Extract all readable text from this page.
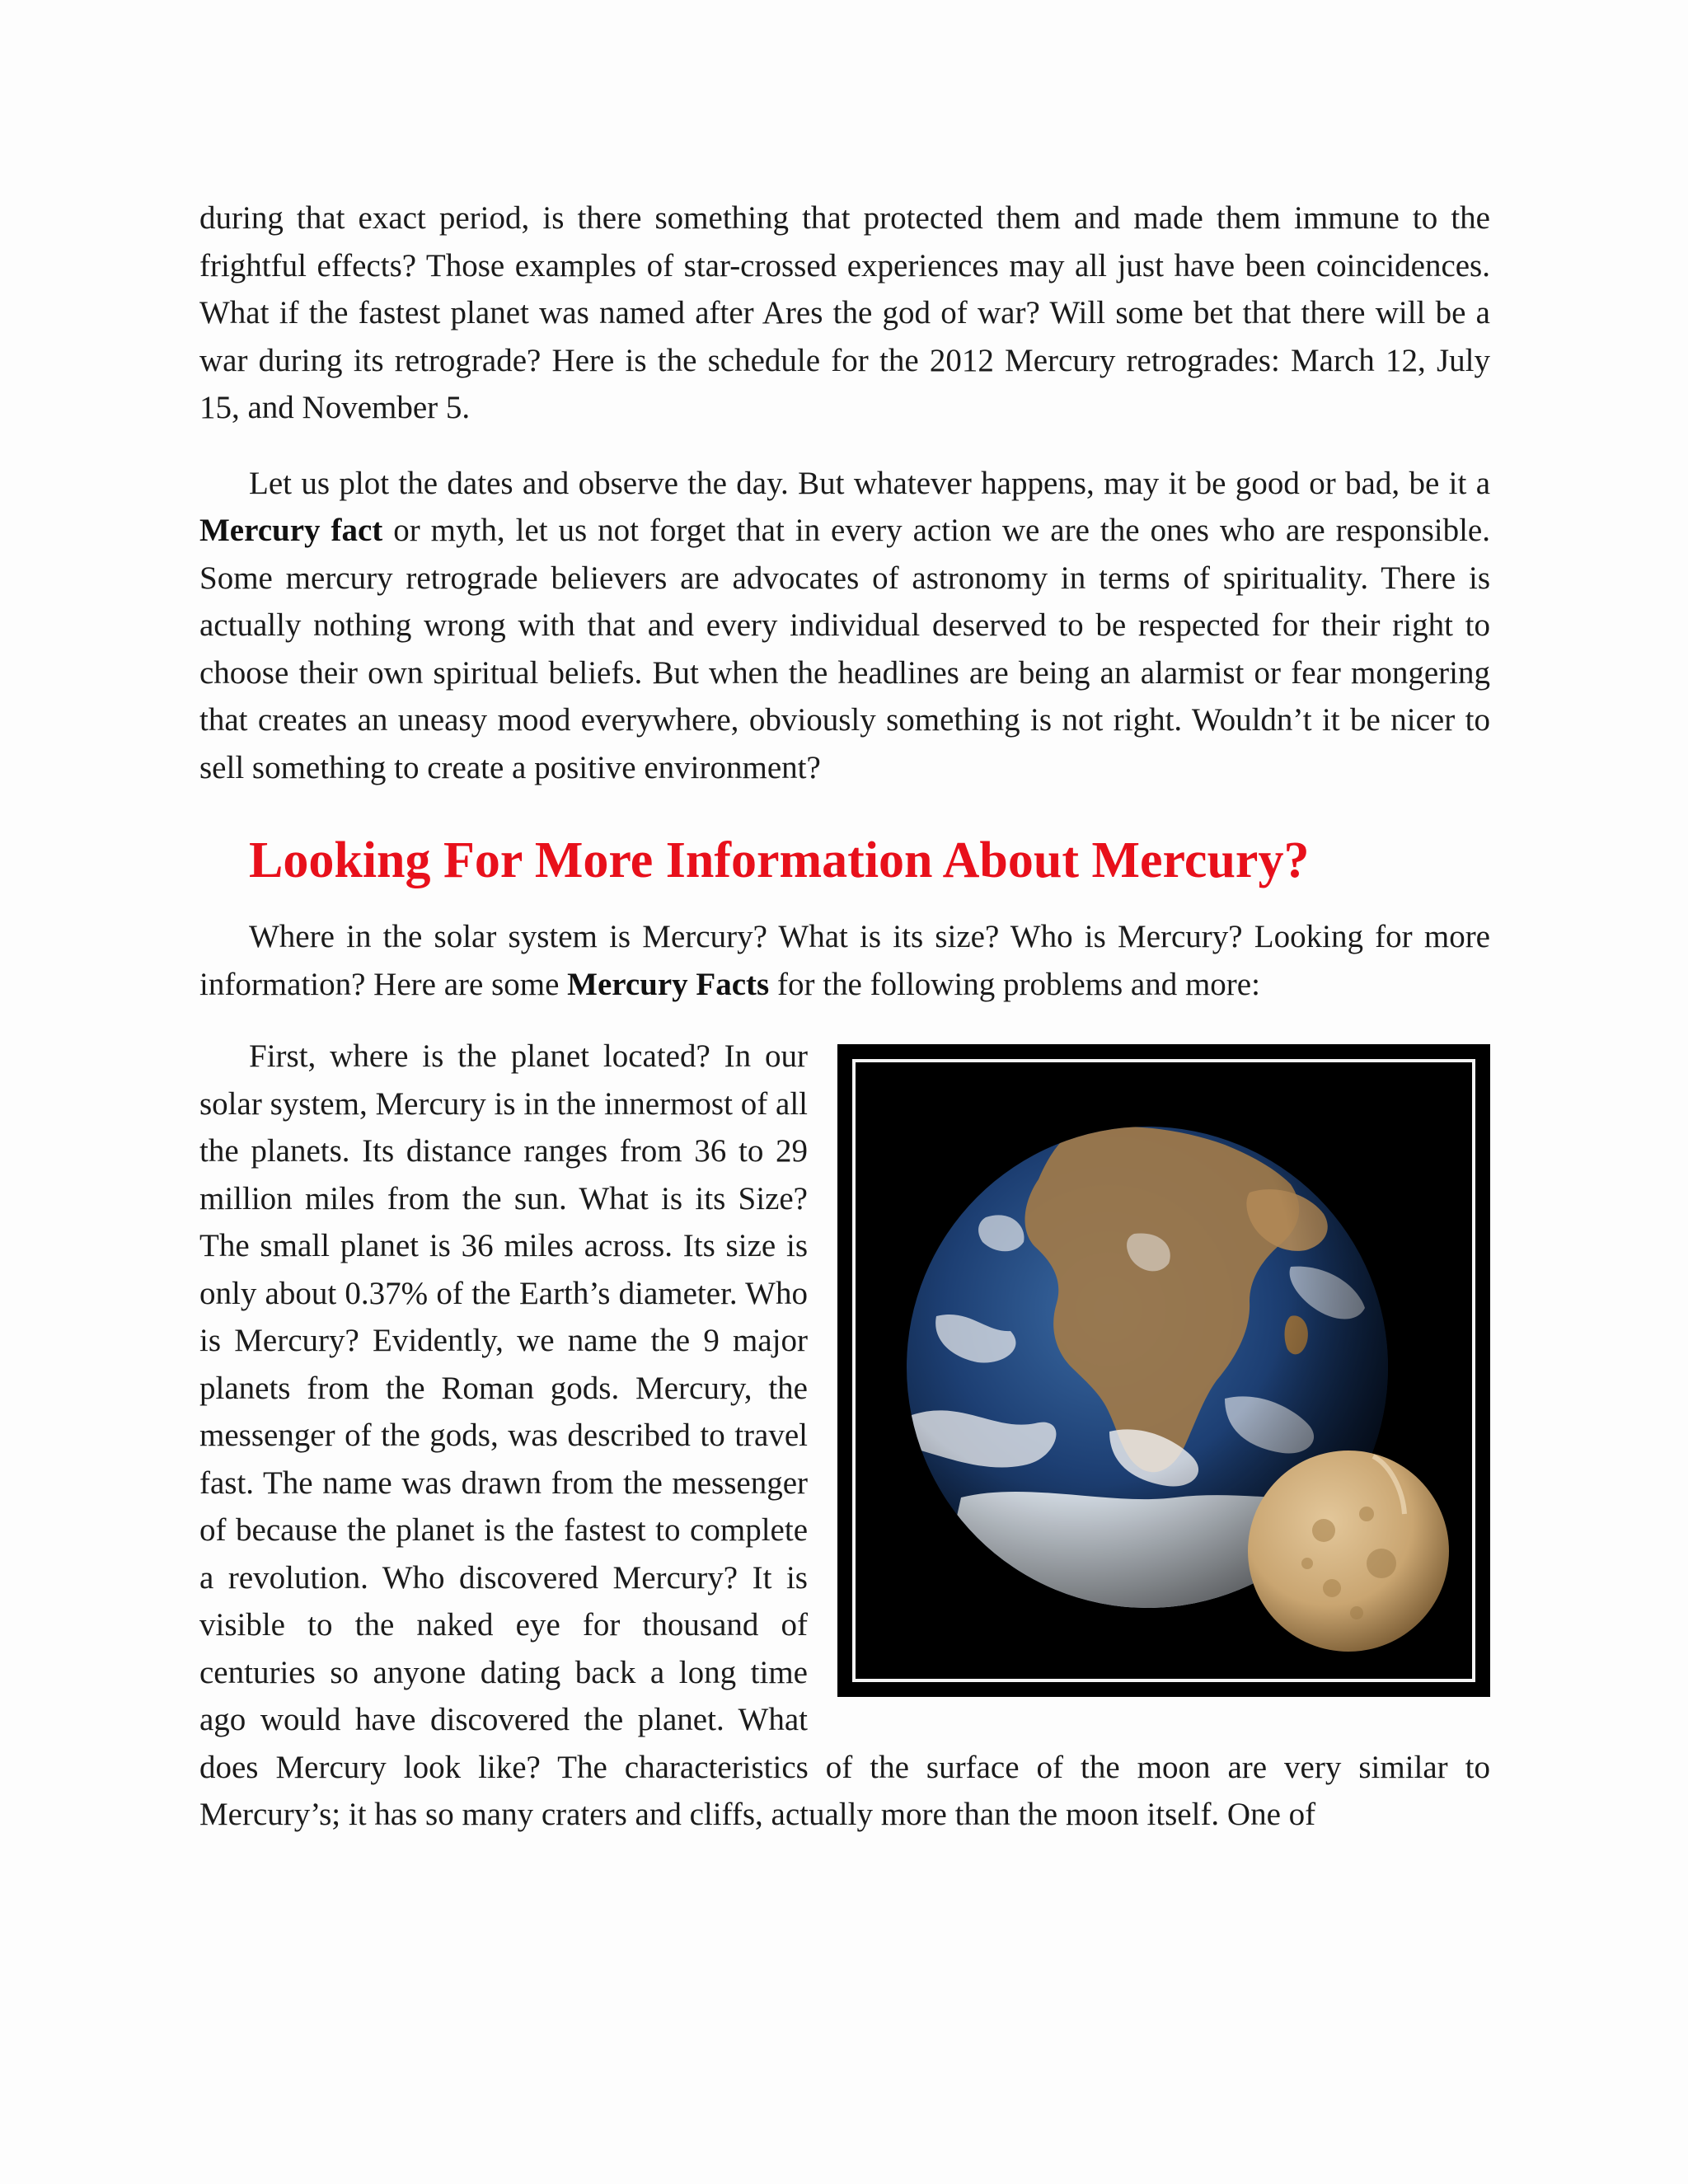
during that exact period, is there something that protected them and made them immune to the frightful effects? Those examples of star-crossed experiences may all just have been coincidences. What if the fastest planet was named after Ares the god of war? Will some bet that there will be a war during its retrograde? Here is the schedule for the 2012 Mercury retrogrades: March 12, July 15, and November 5.

Let us plot the dates and observe the day. But whatever happens, may it be good or bad, be it a Mercury fact or myth, let us not forget that in every action we are the ones who are responsible. Some mercury retrograde believers are advocates of astronomy in terms of spirituality. There is actually nothing wrong with that and every individual deserved to be respected for their right to choose their own spiritual beliefs. But when the headlines are being an alarmist or fear mongering that creates an uneasy mood everywhere, obviously something is not right. Wouldn’t it be nicer to sell something to create a positive environment?

Looking For More Information About Mercury?

Where in the solar system is Mercury? What is its size? Who is Mercury? Looking for more information? Here are some Mercury Facts for the following problems and more:

First, where is the planet located? In our solar system, Mercury is in the innermost of all the planets. Its distance ranges from 36 to 29 million miles from the sun. What is its Size? The small planet is 36 miles across. Its size is only about 0.37% of the Earth’s diameter. Who is Mercury? Evidently, we name the 9 major planets from the Roman gods. Mercury, the messenger of the gods, was described to travel fast. The name was drawn from the messenger of because the planet is the fastest to complete a revolution. Who discovered Mercury? It is visible to the naked eye for thousand of centuries so anyone dating back a long time ago would have discovered the planet. What does Mercury look like? The characteristics of the surface of the moon are very similar to Mercury’s; it has so many craters and cliffs, actually more than the moon itself. One of
